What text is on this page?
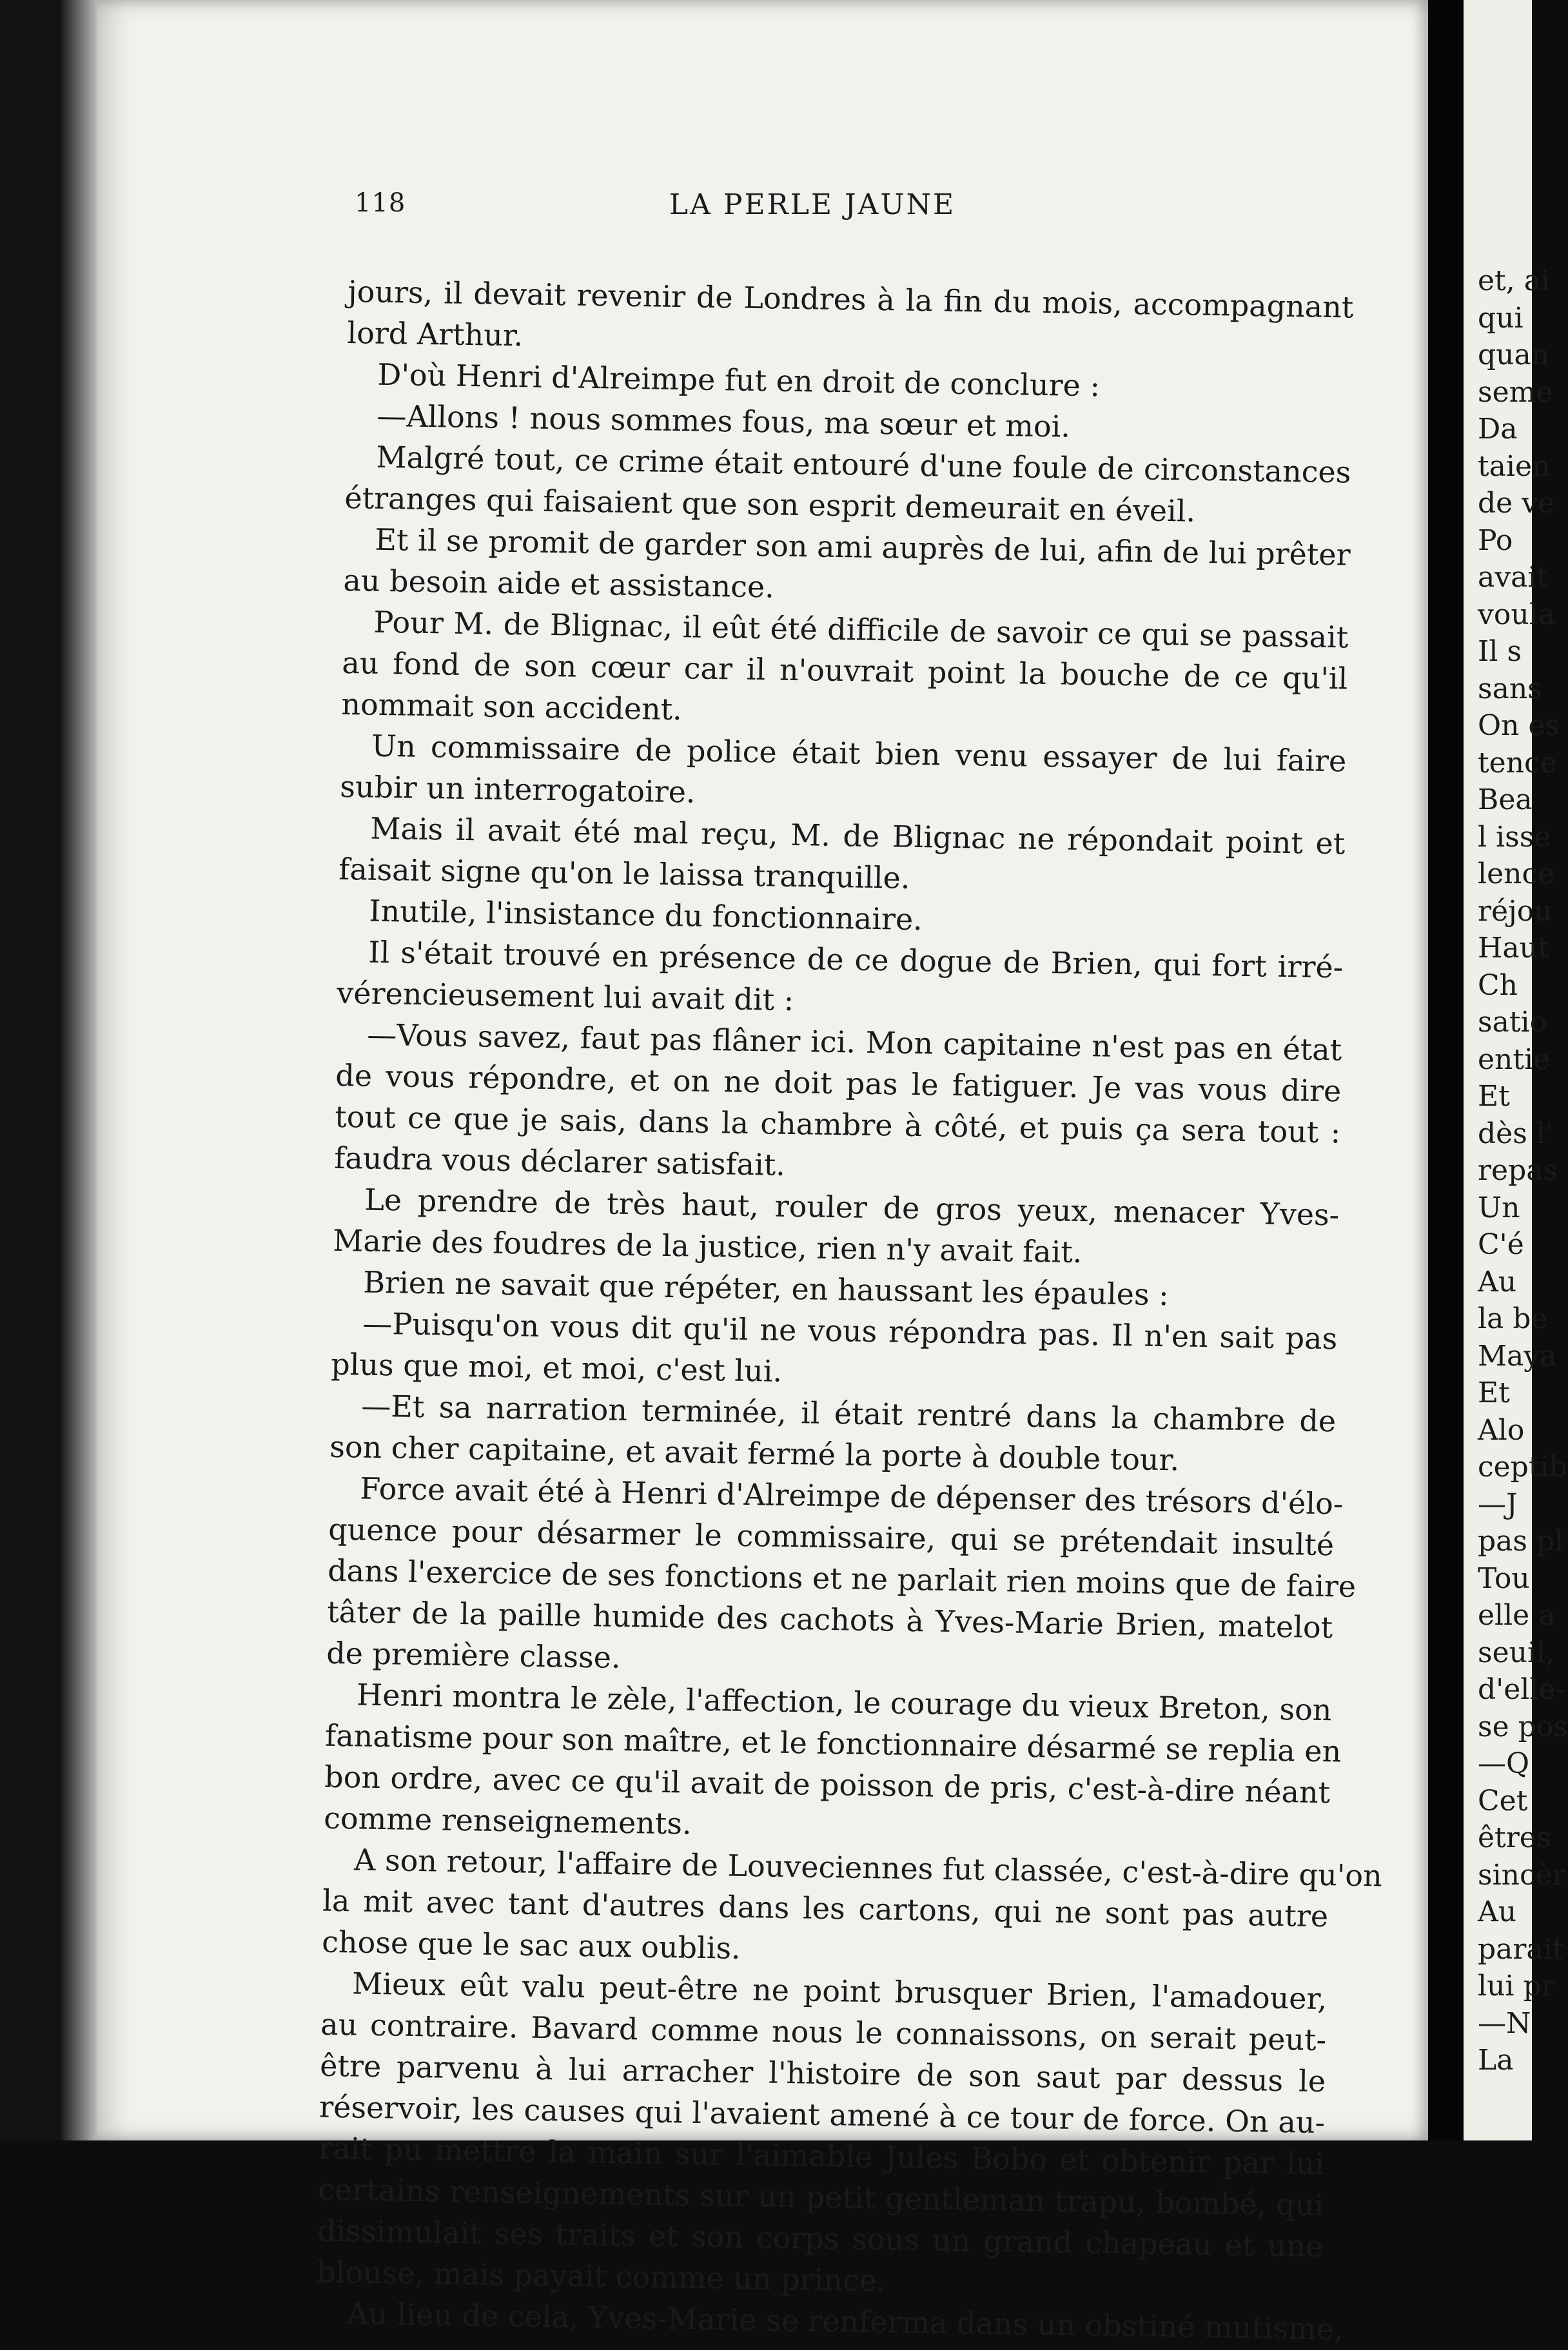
118	LA PERLE JAUNE
jours, il devait revenir de Londres à la fin du mois, accompagnant
lord Arthur.
D'où Henri d'Alreimpe fut en droit de conclure :
—Allons ! nous sommes fous, ma sœur et moi.
Malgré tout, ce crime était entouré d'une foule de circonstances
étranges qui faisaient que son esprit demeurait en éveil.
Et il se promit de garder son ami auprès de lui, afin de lui prêter
au besoin aide et assistance.
Pour M. de Blignac, il eût été difficile de savoir ce qui se passait
au fond de son cœur car il n'ouvrait point la bouche de ce qu'il
nommait son accident.
Un commissaire de police était bien venu essayer de lui faire
subir un interrogatoire.
Mais il avait été mal reçu, M. de Blignac ne répondait point et
faisait signe qu'on le laissa tranquille.
Inutile, l'insistance du fonctionnaire.
Il s'était trouvé en présence de ce dogue de Brien, qui fort irré-
vérencieusement lui avait dit :
—Vous savez, faut pas flâner ici. Mon capitaine n'est pas en état
de vous répondre, et on ne doit pas le fatiguer. Je vas vous dire
tout ce que je sais, dans la chambre à côté, et puis ça sera tout :
faudra vous déclarer satisfait.
Le prendre de très haut, rouler de gros yeux, menacer Yves-
Marie des foudres de la justice, rien n'y avait fait.
Brien ne savait que répéter, en haussant les épaules :
—Puisqu'on vous dit qu'il ne vous répondra pas. Il n'en sait pas
plus que moi, et moi, c'est lui.
—Et sa narration terminée, il était rentré dans la chambre de
son cher capitaine, et avait fermé la porte à double tour.
Force avait été à Henri d'Alreimpe de dépenser des trésors d'élo-
quence pour désarmer le commissaire, qui se prétendait insulté
dans l'exercice de ses fonctions et ne parlait rien moins que de faire
tâter de la paille humide des cachots à Yves-Marie Brien, matelot
de première classe.
Henri montra le zèle, l'affection, le courage du vieux Breton, son
fanatisme pour son maître, et le fonctionnaire désarmé se replia en
bon ordre, avec ce qu'il avait de poisson de pris, c'est-à-dire néant
comme renseignements.
A son retour, l'affaire de Louveciennes fut classée, c'est-à-dire qu'on
la mit avec tant d'autres dans les cartons, qui ne sont pas autre
chose que le sac aux oublis.
Mieux eût valu peut-être ne point brusquer Brien, l'amadouer,
au contraire. Bavard comme nous le connaissons, on serait peut-
être parvenu à lui arracher l'histoire de son saut par dessus le
réservoir, les causes qui l'avaient amené à ce tour de force. On au-
rait pu mettre la main sur l'aimable Jules Bobo et obtenir par lui
certains renseignements sur un petit gentleman trapu, bombé, qui
dissimulait ses traits et son corps sous un grand chapeau et une
blouse, mais payait comme un prince.
Au lieu de cela, Yves-Marie se renferma dans un obstiné mutisme,
et, ai
qui
quan
seme
Da
taien
de ve
Po
avait
voula
Il s
sans
On es
tence
Bea
l isse
lence
réjou
Haut
Ch
satio
entie
Et
dès l'
repas
Un
C'é
Au
la be
Maya
Et
Alo
ceptib
—J
pas pl
Tou
elle a
seuil,
d'elle-
se pos
—Q
Cet
êtres
sincèr
Au
parait
lui pr
—N
La
